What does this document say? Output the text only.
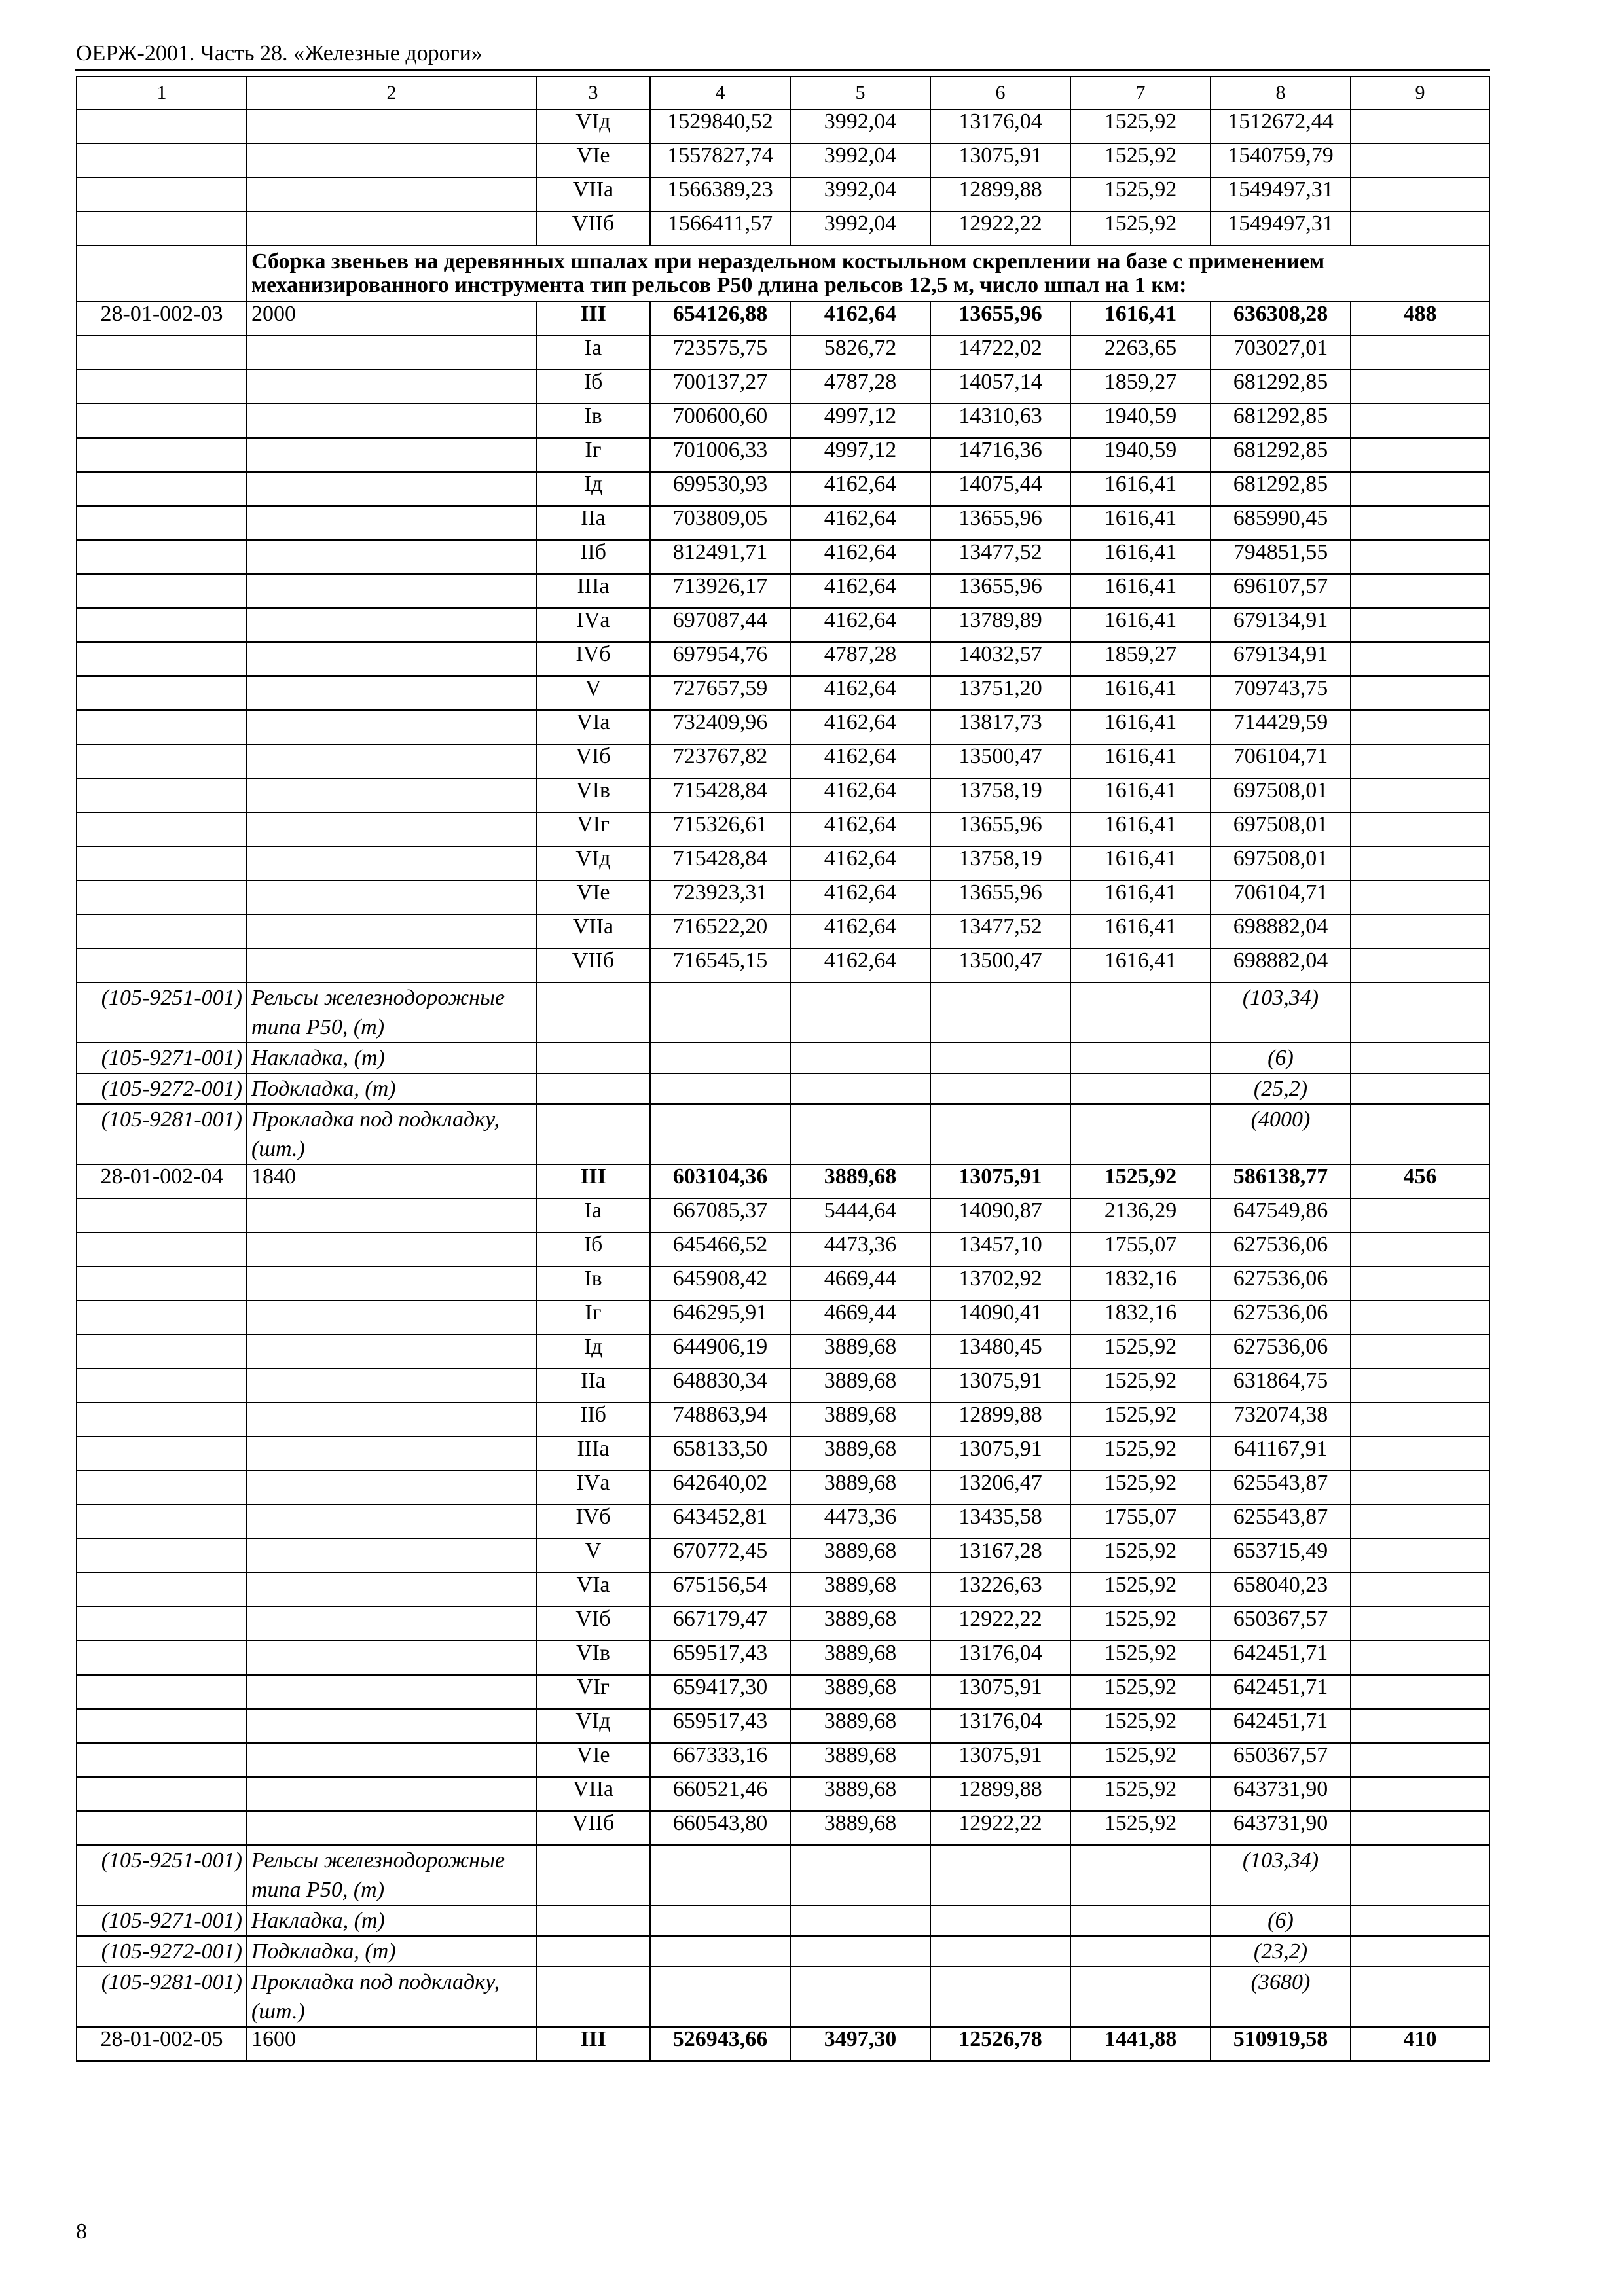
ОЕРЖ-2001. Часть 28. «Железные дороги»
1	2	3	4	5	6	7	8	9
		VIд	1529840,52	3992,04	13176,04	1525,92	1512672,44	
		VIе	1557827,74	3992,04	13075,91	1525,92	1540759,79	
		VIIа	1566389,23	3992,04	12899,88	1525,92	1549497,31	
		VIIб	1566411,57	3992,04	12922,22	1525,92	1549497,31	
	Сборка звеньев на деревянных шпалах при нераздельном костыльном скреплении на базе с применением механизированного инструмента тип рельсов Р50 длина рельсов 12,5 м, число шпал на 1 км:							
28-01-002-03	2000	III	654126,88	4162,64	13655,96	1616,41	636308,28	488
		Iа	723575,75	5826,72	14722,02	2263,65	703027,01	
		Iб	700137,27	4787,28	14057,14	1859,27	681292,85	
		Iв	700600,60	4997,12	14310,63	1940,59	681292,85	
		Iг	701006,33	4997,12	14716,36	1940,59	681292,85	
		Iд	699530,93	4162,64	14075,44	1616,41	681292,85	
		IIа	703809,05	4162,64	13655,96	1616,41	685990,45	
		IIб	812491,71	4162,64	13477,52	1616,41	794851,55	
		IIIа	713926,17	4162,64	13655,96	1616,41	696107,57	
		IVа	697087,44	4162,64	13789,89	1616,41	679134,91	
		IVб	697954,76	4787,28	14032,57	1859,27	679134,91	
		V	727657,59	4162,64	13751,20	1616,41	709743,75	
		VIа	732409,96	4162,64	13817,73	1616,41	714429,59	
		VIб	723767,82	4162,64	13500,47	1616,41	706104,71	
		VIв	715428,84	4162,64	13758,19	1616,41	697508,01	
		VIг	715326,61	4162,64	13655,96	1616,41	697508,01	
		VIд	715428,84	4162,64	13758,19	1616,41	697508,01	
		VIе	723923,31	4162,64	13655,96	1616,41	706104,71	
		VIIа	716522,20	4162,64	13477,52	1616,41	698882,04	
		VIIб	716545,15	4162,64	13500,47	1616,41	698882,04	
(105-9251-001)	Рельсы железнодорожные типа Р50, (т)						(103,34)	
(105-9271-001)	Накладка, (т)						(6)	
(105-9272-001)	Подкладка, (т)						(25,2)	
(105-9281-001)	Прокладка под подкладку, (шт.)						(4000)	
28-01-002-04	1840	III	603104,36	3889,68	13075,91	1525,92	586138,77	456
		Iа	667085,37	5444,64	14090,87	2136,29	647549,86	
		Iб	645466,52	4473,36	13457,10	1755,07	627536,06	
		Iв	645908,42	4669,44	13702,92	1832,16	627536,06	
		Iг	646295,91	4669,44	14090,41	1832,16	627536,06	
		Iд	644906,19	3889,68	13480,45	1525,92	627536,06	
		IIа	648830,34	3889,68	13075,91	1525,92	631864,75	
		IIб	748863,94	3889,68	12899,88	1525,92	732074,38	
		IIIа	658133,50	3889,68	13075,91	1525,92	641167,91	
		IVа	642640,02	3889,68	13206,47	1525,92	625543,87	
		IVб	643452,81	4473,36	13435,58	1755,07	625543,87	
		V	670772,45	3889,68	13167,28	1525,92	653715,49	
		VIа	675156,54	3889,68	13226,63	1525,92	658040,23	
		VIб	667179,47	3889,68	12922,22	1525,92	650367,57	
		VIв	659517,43	3889,68	13176,04	1525,92	642451,71	
		VIг	659417,30	3889,68	13075,91	1525,92	642451,71	
		VIд	659517,43	3889,68	13176,04	1525,92	642451,71	
		VIе	667333,16	3889,68	13075,91	1525,92	650367,57	
		VIIа	660521,46	3889,68	12899,88	1525,92	643731,90	
		VIIб	660543,80	3889,68	12922,22	1525,92	643731,90	
(105-9251-001)	Рельсы железнодорожные типа Р50, (т)						(103,34)	
(105-9271-001)	Накладка, (т)						(6)	
(105-9272-001)	Подкладка, (т)						(23,2)	
(105-9281-001)	Прокладка под подкладку, (шт.)						(3680)	
28-01-002-05	1600	III	526943,66	3497,30	12526,78	1441,88	510919,58	410
8
